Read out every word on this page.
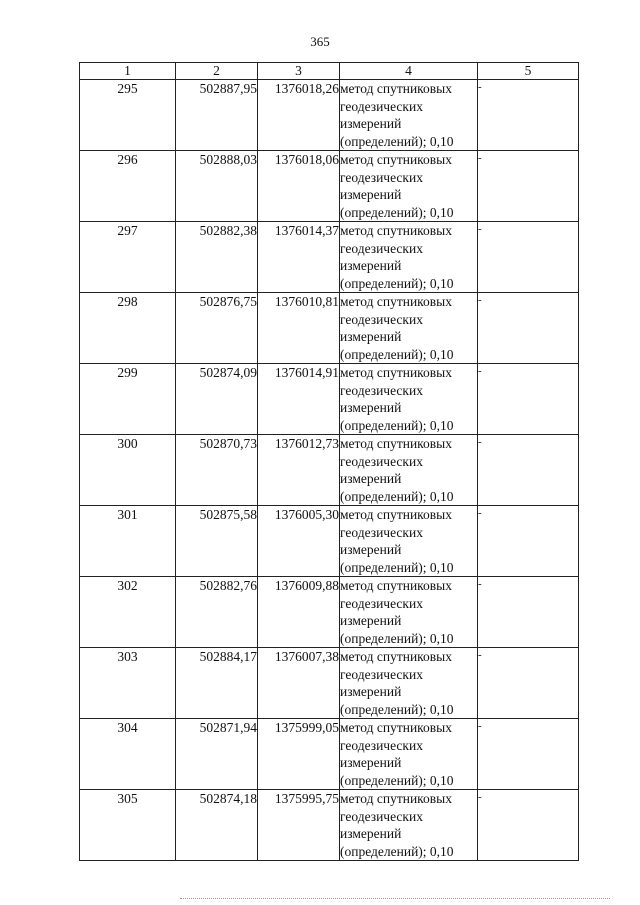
365
1	2	3	4	5
295	502887,95	1376018,26	метод спутниковых геодезических измерений (определений); 0,10	-
296	502888,03	1376018,06	метод спутниковых геодезических измерений (определений); 0,10	-
297	502882,38	1376014,37	метод спутниковых геодезических измерений (определений); 0,10	-
298	502876,75	1376010,81	метод спутниковых геодезических измерений (определений); 0,10	-
299	502874,09	1376014,91	метод спутниковых геодезических измерений (определений); 0,10	-
300	502870,73	1376012,73	метод спутниковых геодезических измерений (определений); 0,10	-
301	502875,58	1376005,30	метод спутниковых геодезических измерений (определений); 0,10	-
302	502882,76	1376009,88	метод спутниковых геодезических измерений (определений); 0,10	-
303	502884,17	1376007,38	метод спутниковых геодезических измерений (определений); 0,10	-
304	502871,94	1375999,05	метод спутниковых геодезических измерений (определений); 0,10	-
305	502874,18	1375995,75	метод спутниковых геодезических измерений (определений); 0,10	-
